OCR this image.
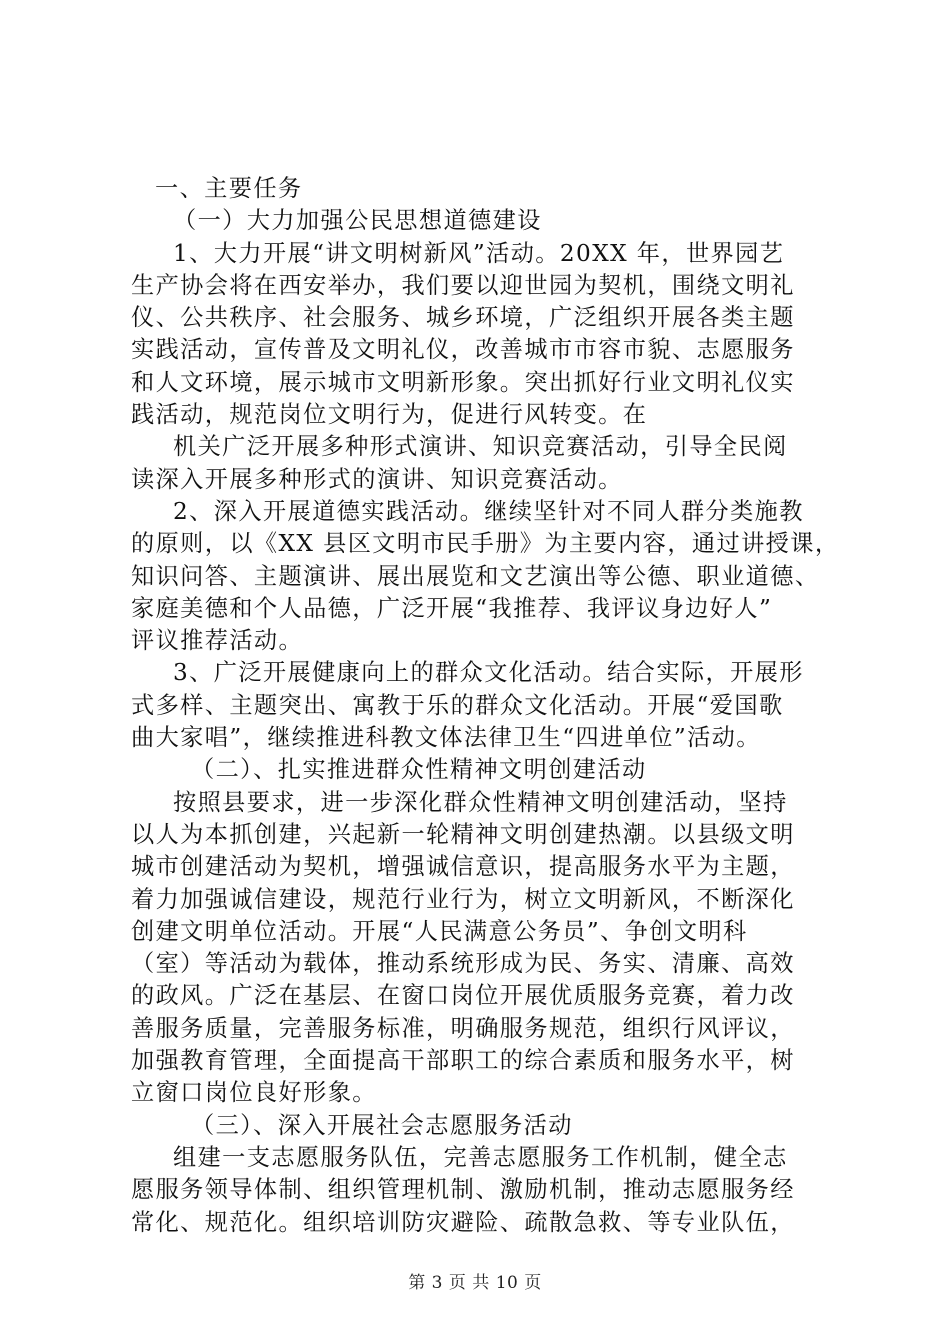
一、主要任务
（一）大力加强公民思想道德建设
1、大力开展“讲文明树新风”活动。20XX 年，世界园艺
生产协会将在西安举办，我们要以迎世园为契机，围绕文明礼
仪、公共秩序、社会服务、城乡环境，广泛组织开展各类主题
实践活动，宣传普及文明礼仪，改善城市市容市貌、志愿服务
和人文环境，展示城市文明新形象。突出抓好行业文明礼仪实
践活动，规范岗位文明行为，促进行风转变。在
机关广泛开展多种形式演讲、知识竞赛活动，引导全民阅
读深入开展多种形式的演讲、知识竞赛活动。
2、深入开展道德实践活动。继续坚针对不同人群分类施教
的原则，以《XX 县区文明市民手册》为主要内容，通过讲授课，
知识问答、主题演讲、展出展览和文艺演出等公德、职业道德、
家庭美德和个人品德，广泛开展“我推荐、我评议身边好人”
评议推荐活动。
3、广泛开展健康向上的群众文化活动。结合实际，开展形
式多样、主题突出、寓教于乐的群众文化活动。开展“爱国歌
曲大家唱”，继续推进科教文体法律卫生“四进单位”活动。
（二）、扎实推进群众性精神文明创建活动
按照县要求，进一步深化群众性精神文明创建活动，坚持
以人为本抓创建，兴起新一轮精神文明创建热潮。以县级文明
城市创建活动为契机，增强诚信意识，提高服务水平为主题，
着力加强诚信建设，规范行业行为，树立文明新风，不断深化
创建文明单位活动。开展“人民满意公务员”、争创文明科
（室）等活动为载体，推动系统形成为民、务实、清廉、高效
的政风。广泛在基层、在窗口岗位开展优质服务竞赛，着力改
善服务质量，完善服务标准，明确服务规范，组织行风评议，
加强教育管理，全面提高干部职工的综合素质和服务水平，树
立窗口岗位良好形象。
（三）、深入开展社会志愿服务活动
组建一支志愿服务队伍，完善志愿服务工作机制，健全志
愿服务领导体制、组织管理机制、激励机制，推动志愿服务经
常化、规范化。组织培训防灾避险、疏散急救、等专业队伍，
第 3 页 共 10 页
